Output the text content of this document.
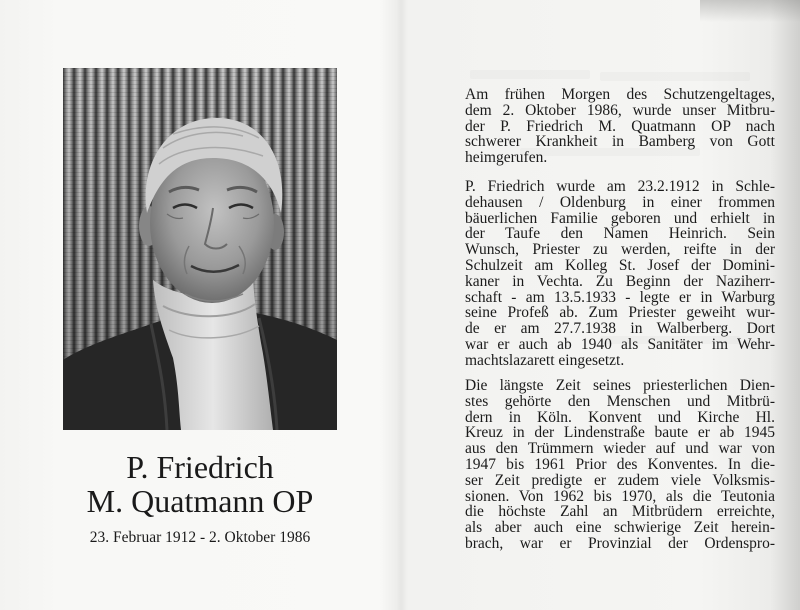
P. Friedrich
M. Quatmann OP
23. Februar 1912 - 2. Oktober 1986
Am frühen Morgen des Schutzengeltages,
dem 2. Oktober 1986, wurde unser Mitbru-
der P. Friedrich M. Quatmann OP nach
schwerer Krankheit in Bamberg von Gott
heimgerufen.
P. Friedrich wurde am 23.2.1912 in Schle-
dehausen / Oldenburg in einer frommen
bäuerlichen Familie geboren und erhielt in
der Taufe den Namen Heinrich. Sein
Wunsch, Priester zu werden, reifte in der
Schulzeit am Kolleg St. Josef der Domini-
kaner in Vechta. Zu Beginn der Naziherr-
schaft - am 13.5.1933 - legte er in Warburg
seine Profeß ab. Zum Priester geweiht wur-
de er am 27.7.1938 in Walberberg. Dort
war er auch ab 1940 als Sanitäter im Wehr-
machtslazarett eingesetzt.
Die längste Zeit seines priesterlichen Dien-
stes gehörte den Menschen und Mitbrü-
dern in Köln. Konvent und Kirche Hl.
Kreuz in der Lindenstraße baute er ab 1945
aus den Trümmern wieder auf und war von
1947 bis 1961 Prior des Konventes. In die-
ser Zeit predigte er zudem viele Volksmis-
sionen. Von 1962 bis 1970, als die Teutonia
die höchste Zahl an Mitbrüdern erreichte,
als aber auch eine schwierige Zeit herein-
brach, war er Provinzial der Ordenspro-
